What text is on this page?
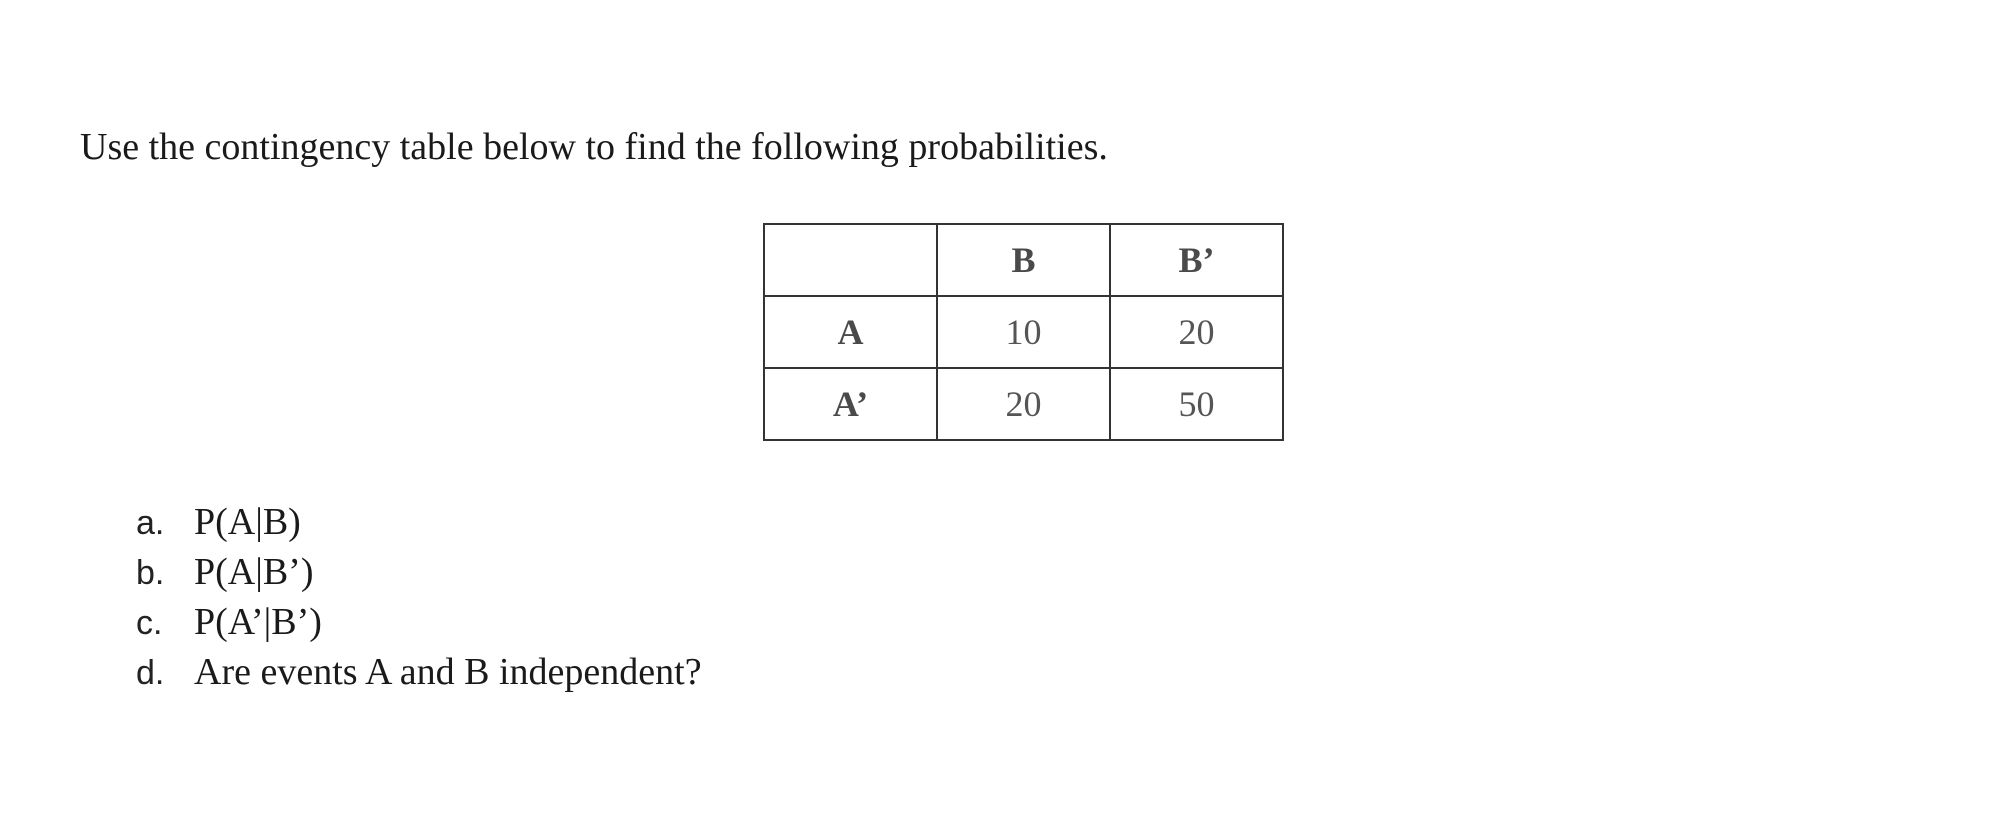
Use the contingency table below to find the following probabilities.
	B	B’
A	10	20
A’	20	50
a. P(A|B)
b. P(A|B’)
c. P(A’|B’)
d. Are events A and B independent?
